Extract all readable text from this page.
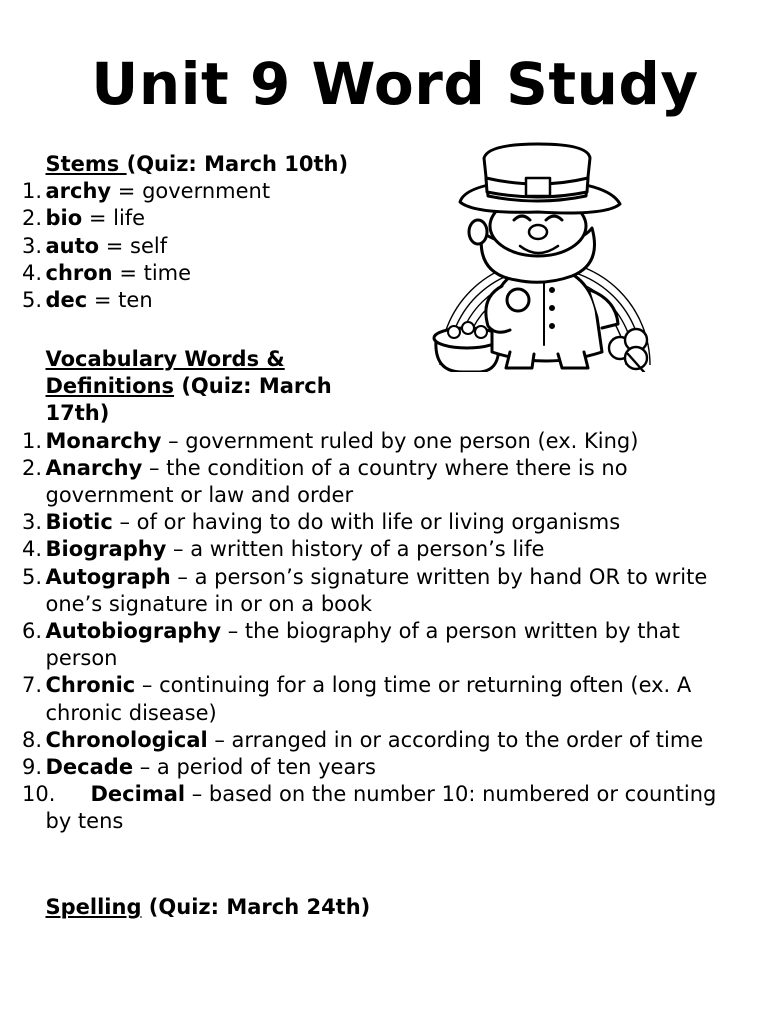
Unit 9 Word Study
Stems (Quiz: March 10th)
1. archy = government
2. bio = life
3. auto = self
4. chron = time
5. dec = ten
Vocabulary Words & Definitions (Quiz: March 17th)
1. Monarchy – government ruled by one person (ex. King)
2. Anarchy – the condition of a country where there is no government or law and order
3. Biotic – of or having to do with life or living organisms
4. Biography – a written history of a person’s life
5. Autograph – a person’s signature written by hand OR to write one’s signature in or on a book
6. Autobiography – the biography of a person written by that person
7. Chronic – continuing for a long time or returning often (ex. A chronic disease)
8. Chronological – arranged in or according to the order of time
9. Decade – a period of ten years
10. Decimal – based on the number 10: numbered or counting by tens
Spelling (Quiz: March 24th)
